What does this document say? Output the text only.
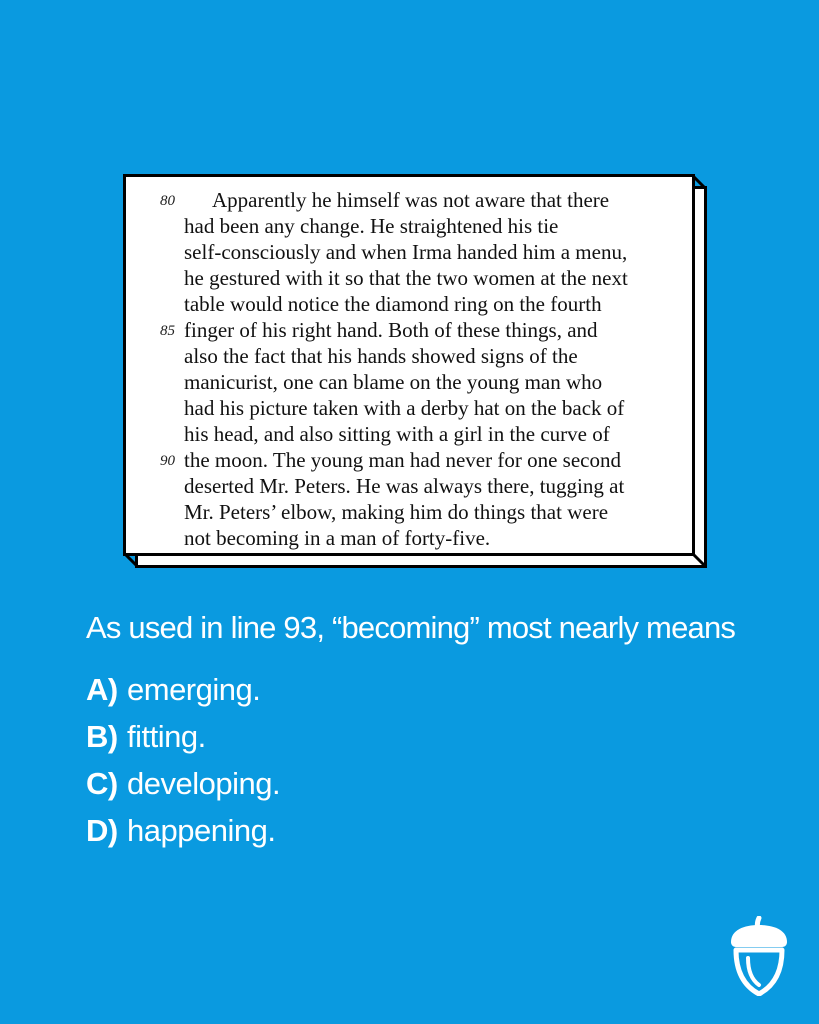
80 Apparently he himself was not aware that there
had been any change. He straightened his tie
self-consciously and when Irma handed him a menu,
he gestured with it so that the two women at the next
table would notice the diamond ring on the fourth
85 finger of his right hand. Both of these things, and
also the fact that his hands showed signs of the
manicurist, one can blame on the young man who
had his picture taken with a derby hat on the back of
his head, and also sitting with a girl in the curve of
90 the moon. The young man had never for one second
deserted Mr. Peters. He was always there, tugging at
Mr. Peters’ elbow, making him do things that were
not becoming in a man of forty-five.
As used in line 93, “becoming” most nearly means
A) emerging.
B) fitting.
C) developing.
D) happening.
